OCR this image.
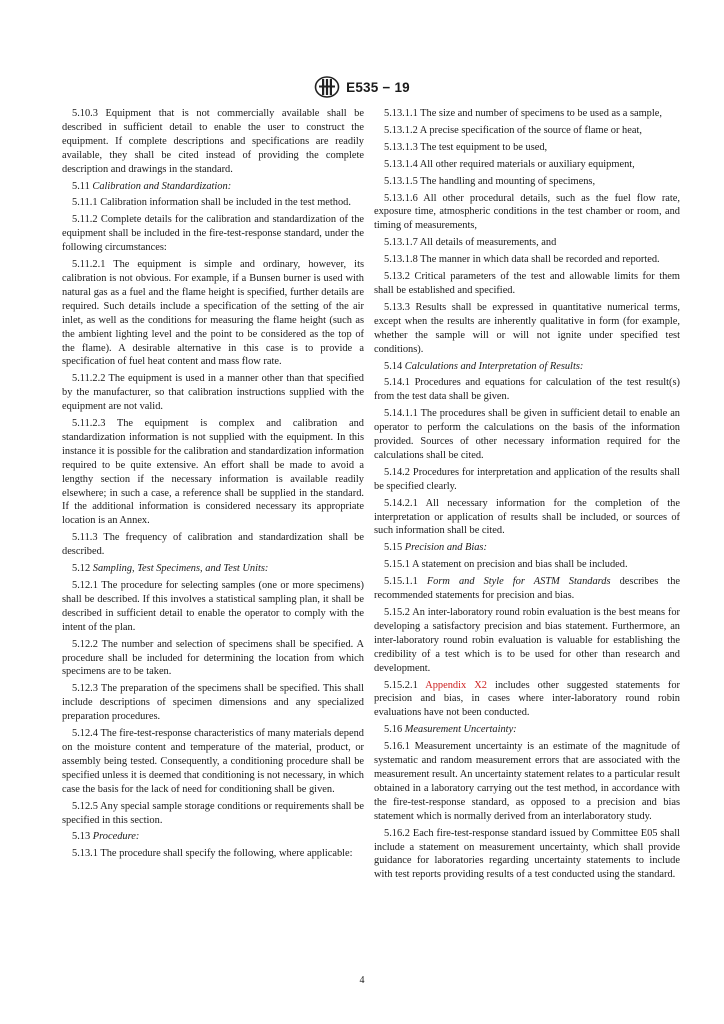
E535 − 19

5.10.3 Equipment that is not commercially available shall be described in sufficient detail to enable the user to construct the equipment. If complete descriptions and specifications are readily available, they shall be cited instead of providing the complete description and drawings in the standard.

5.11 Calibration and Standardization:

5.11.1 Calibration information shall be included in the test method.

5.11.2 Complete details for the calibration and standardization of the equipment shall be included in the fire-test-response standard, under the following circumstances:

5.11.2.1 The equipment is simple and ordinary, however, its calibration is not obvious. For example, if a Bunsen burner is used with natural gas as a fuel and the flame height is specified, further details are required. Such details include a specification of the setting of the air inlet, as well as the conditions for measuring the flame height (such as the ambient lighting level and the point to be considered as the top of the flame). A desirable alternative in this case is to provide a specification of fuel heat content and mass flow rate.

5.11.2.2 The equipment is used in a manner other than that specified by the manufacturer, so that calibration instructions supplied with the equipment are not valid.

5.11.2.3 The equipment is complex and calibration and standardization information is not supplied with the equipment. In this instance it is possible for the calibration and standardization information required to be quite extensive. An effort shall be made to avoid a lengthy section if the necessary information is available readily elsewhere; in such a case, a reference shall be supplied in the standard. If the additional information is considered necessary its appropriate location is an Annex.

5.11.3 The frequency of calibration and standardization shall be described.

5.12 Sampling, Test Specimens, and Test Units:

5.12.1 The procedure for selecting samples (one or more specimens) shall be described. If this involves a statistical sampling plan, it shall be described in sufficient detail to enable the operator to comply with the intent of the plan.

5.12.2 The number and selection of specimens shall be specified. A procedure shall be included for determining the location from which specimens are to be taken.

5.12.3 The preparation of the specimens shall be specified. This shall include descriptions of specimen dimensions and any specialized preparation procedures.

5.12.4 The fire-test-response characteristics of many materials depend on the moisture content and temperature of the material, product, or assembly being tested. Consequently, a conditioning procedure shall be specified unless it is deemed that conditioning is not necessary, in which case the basis for the lack of need for conditioning shall be given.

5.12.5 Any special sample storage conditions or requirements shall be specified in this section.

5.13 Procedure:

5.13.1 The procedure shall specify the following, where applicable:

5.13.1.1 The size and number of specimens to be used as a sample,

5.13.1.2 A precise specification of the source of flame or heat,

5.13.1.3 The test equipment to be used,

5.13.1.4 All other required materials or auxiliary equipment,

5.13.1.5 The handling and mounting of specimens,

5.13.1.6 All other procedural details, such as the fuel flow rate, exposure time, atmospheric conditions in the test chamber or room, and timing of measurements,

5.13.1.7 All details of measurements, and

5.13.1.8 The manner in which data shall be recorded and reported.

5.13.2 Critical parameters of the test and allowable limits for them shall be established and specified.

5.13.3 Results shall be expressed in quantitative numerical terms, except when the results are inherently qualitative in form (for example, whether the sample will or will not ignite under specified test conditions).

5.14 Calculations and Interpretation of Results:

5.14.1 Procedures and equations for calculation of the test result(s) from the test data shall be given.

5.14.1.1 The procedures shall be given in sufficient detail to enable an operator to perform the calculations on the basis of the information provided. Sources of other necessary information required for the calculations shall be cited.

5.14.2 Procedures for interpretation and application of the results shall be specified clearly.

5.14.2.1 All necessary information for the completion of the interpretation or application of results shall be included, or sources of such information shall be cited.

5.15 Precision and Bias:

5.15.1 A statement on precision and bias shall be included.

5.15.1.1 Form and Style for ASTM Standards describes the recommended statements for precision and bias.

5.15.2 An inter-laboratory round robin evaluation is the best means for developing a satisfactory precision and bias statement. Furthermore, an inter-laboratory round robin evaluation is valuable for establishing the credibility of a test which is to be used for other than research and development.

5.15.2.1 Appendix X2 includes other suggested statements for precision and bias, in cases where inter-laboratory round robin evaluations have not been conducted.

5.16 Measurement Uncertainty:

5.16.1 Measurement uncertainty is an estimate of the magnitude of systematic and random measurement errors that are associated with the measurement result. An uncertainty statement relates to a particular result obtained in a laboratory carrying out the test method, in accordance with the fire-test-response standard, as opposed to a precision and bias statement which is normally derived from an interlaboratory study.

5.16.2 Each fire-test-response standard issued by Committee E05 shall include a statement on measurement uncertainty, which shall provide guidance for laboratories regarding uncertainty statements to include with test reports providing results of a test conducted using the standard.

4
